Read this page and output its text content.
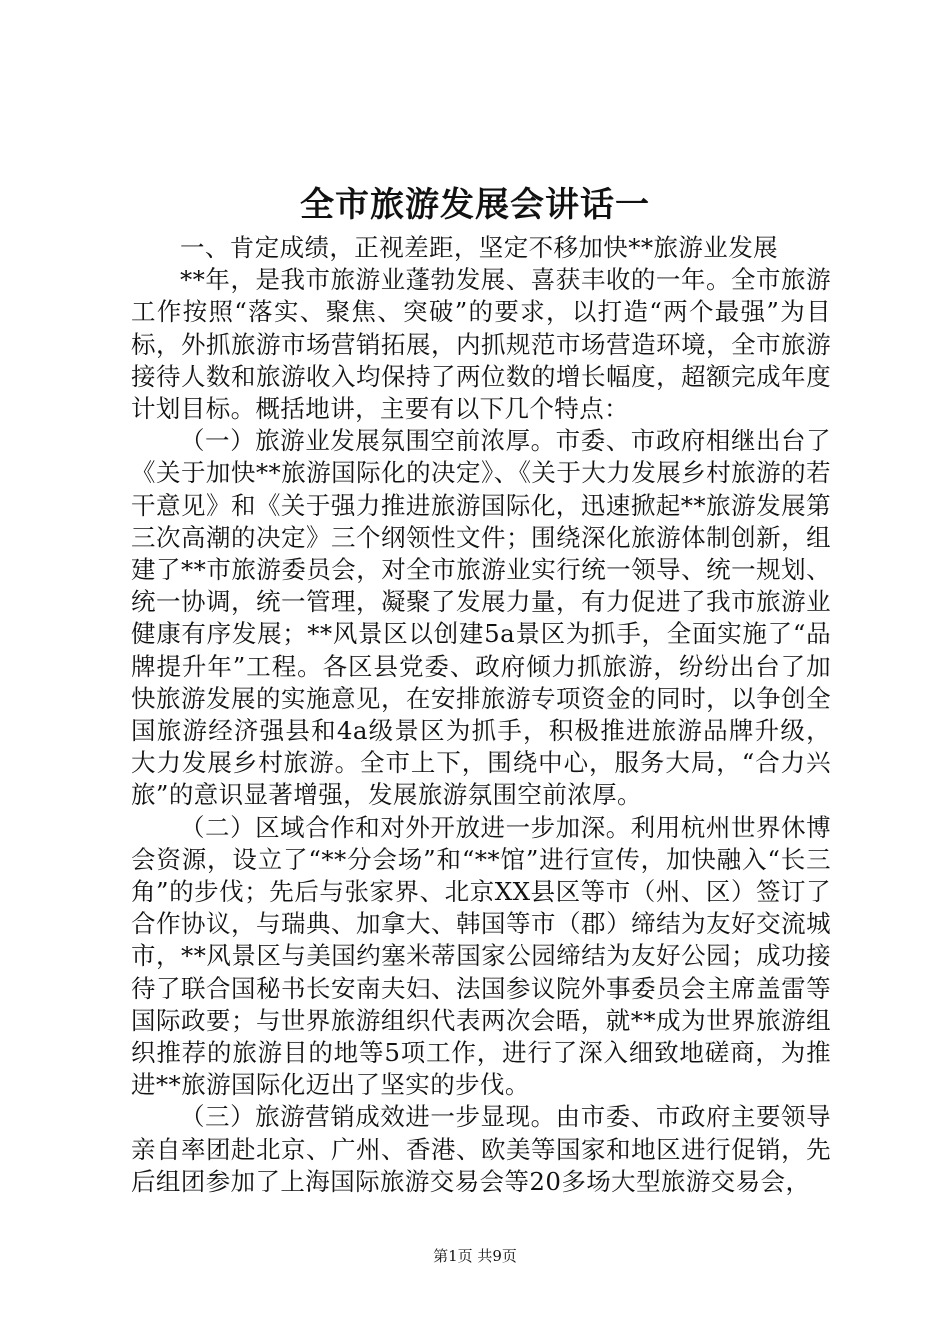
全市旅游发展会讲话一

一、肯定成绩，正视差距，坚定不移加快**旅游业发展

**年，是我市旅游业蓬勃发展、喜获丰收的一年。全市旅游工作按照“落实、聚焦、突破”的要求，以打造“两个最强”为目标，外抓旅游市场营销拓展，内抓规范市场营造环境，全市旅游接待人数和旅游收入均保持了两位数的增长幅度，超额完成年度计划目标。概括地讲，主要有以下几个特点：

（一）旅游业发展氛围空前浓厚。市委、市政府相继出台了《关于加快**旅游国际化的决定》、《关于大力发展乡村旅游的若干意见》和《关于强力推进旅游国际化，迅速掀起**旅游发展第三次高潮的决定》三个纲领性文件；围绕深化旅游体制创新，组建了**市旅游委员会，对全市旅游业实行统一领导、统一规划、统一协调，统一管理，凝聚了发展力量，有力促进了我市旅游业健康有序发展；**风景区以创建5a景区为抓手，全面实施了“品牌提升年”工程。各区县党委、政府倾力抓旅游，纷纷出台了加快旅游发展的实施意见，在安排旅游专项资金的同时，以争创全国旅游经济强县和4a级景区为抓手，积极推进旅游品牌升级，大力发展乡村旅游。全市上下，围绕中心，服务大局，“合力兴旅”的意识显著增强，发展旅游氛围空前浓厚。

（二）区域合作和对外开放进一步加深。利用杭州世界休博会资源，设立了“**分会场”和“**馆”进行宣传，加快融入“长三角”的步伐；先后与张家界、北京XX县区等市（州、区）签订了合作协议，与瑞典、加拿大、韩国等市（郡）缔结为友好交流城市，**风景区与美国约塞米蒂国家公园缔结为友好公园；成功接待了联合国秘书长安南夫妇、法国参议院外事委员会主席盖雷等国际政要；与世界旅游组织代表两次会晤，就**成为世界旅游组织推荐的旅游目的地等5项工作，进行了深入细致地磋商，为推进**旅游国际化迈出了坚实的步伐。

（三）旅游营销成效进一步显现。由市委、市政府主要领导亲自率团赴北京、广州、香港、欧美等国家和地区进行促销，先后组团参加了上海国际旅游交易会等20多场大型旅游交易会，

第1页 共9页
